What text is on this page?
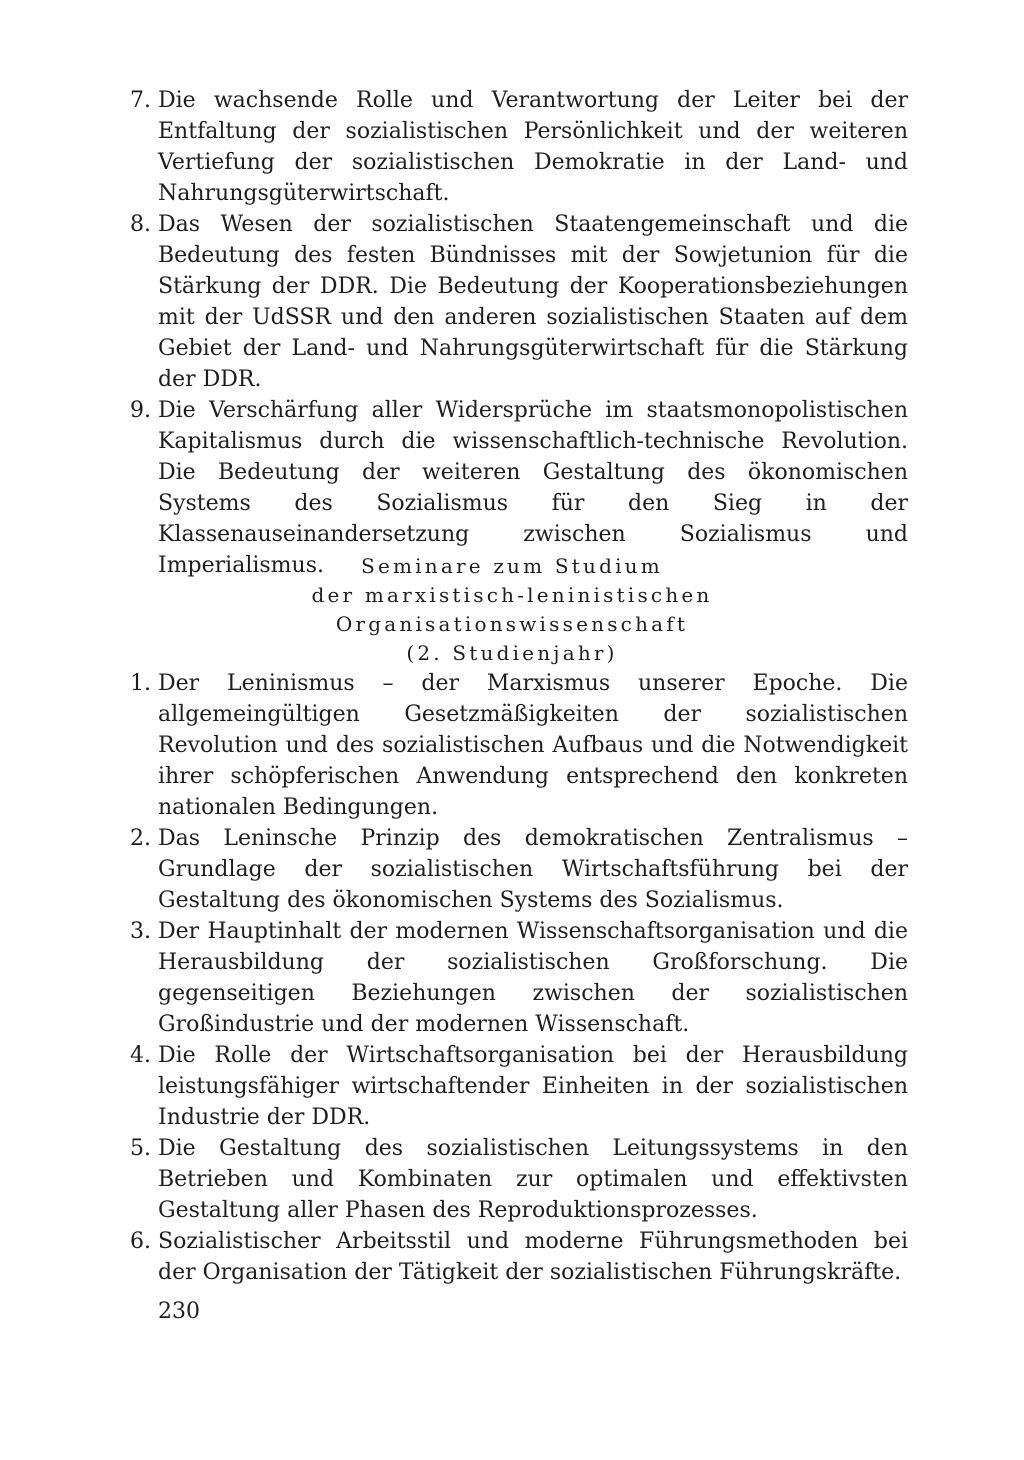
7. Die wachsende Rolle und Verantwortung der Leiter bei der Entfaltung der sozialistischen Persönlichkeit und der weiteren Vertiefung der sozialistischen Demokratie in der Land- und Nahrungsgüterwirtschaft.
8. Das Wesen der sozialistischen Staatengemeinschaft und die Bedeutung des festen Bündnisses mit der Sowjetunion für die Stärkung der DDR. Die Bedeutung der Kooperationsbeziehungen mit der UdSSR und den anderen sozialistischen Staaten auf dem Gebiet der Land- und Nahrungsgüterwirtschaft für die Stärkung der DDR.
9. Die Verschärfung aller Widersprüche im staatsmonopolistischen Kapitalismus durch die wissenschaftlich-technische Revolution. Die Bedeutung der weiteren Gestaltung des ökonomischen Systems des Sozialismus für den Sieg in der Klassenauseinandersetzung zwischen Sozialismus und Imperialismus.	Seminare zum Studium
der marxistisch-leninistischen
Organisationswissenschaft
(2. Studienjahr)
1. Der Leninismus – der Marxismus unserer Epoche. Die allgemeingültigen Gesetzmäßigkeiten der sozialistischen Revolution und des sozialistischen Aufbaus und die Notwendigkeit ihrer schöpferischen Anwendung entsprechend den konkreten nationalen Bedingungen.
2. Das Leninsche Prinzip des demokratischen Zentralismus – Grundlage der sozialistischen Wirtschaftsführung bei der Gestaltung des ökonomischen Systems des Sozialismus.
3. Der Hauptinhalt der modernen Wissenschaftsorganisation und die Herausbildung der sozialistischen Großforschung. Die gegenseitigen Beziehungen zwischen der sozialistischen Großindustrie und der modernen Wissenschaft.
4. Die Rolle der Wirtschaftsorganisation bei der Herausbildung leistungsfähiger wirtschaftender Einheiten in der sozialistischen Industrie der DDR.
5. Die Gestaltung des sozialistischen Leitungssystems in den Betrieben und Kombinaten zur optimalen und effektivsten Gestaltung aller Phasen des Reproduktionsprozesses.
6. Sozialistischer Arbeitsstil und moderne Führungsmethoden bei der Organisation der Tätigkeit der sozialistischen Führungskräfte.
230
